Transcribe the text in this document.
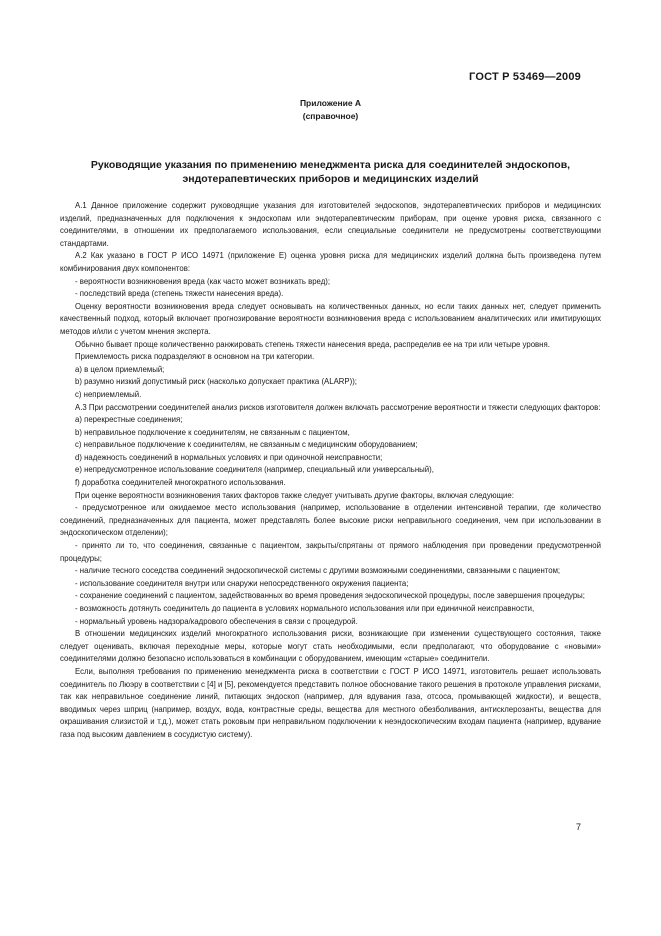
ГОСТ Р 53469—2009
Приложение А
(справочное)
Руководящие указания по применению менеджмента риска для соединителей эндоскопов,
эндотерапевтических приборов и медицинских изделий

А.1 Данное приложение содержит руководящие указания для изготовителей эндоскопов, эндотерапевтических приборов и медицинских изделий, предназначенных для подключения к эндоскопам или эндотерапевтическим приборам, при оценке уровня риска, связанного с соединителями, в отношении их предполагаемого использования, если специальные соединители не предусмотрены соответствующими стандартами.

А.2 Как указано в ГОСТ Р ИСО 14971 (приложение Е) оценка уровня риска для медицинских изделий должна быть произведена путем комбинирования двух компонентов:

- вероятности возникновения вреда (как часто может возникать вред);

- последствий вреда (степень тяжести нанесения вреда).

Оценку вероятности возникновения вреда следует основывать на количественных данных, но если таких данных нет, следует применить качественный подход, который включает прогнозирование вероятности возникновения вреда с использованием аналитических или имитирующих методов и/или с учетом мнения эксперта.

Обычно бывает проще количественно ранжировать степень тяжести нанесения вреда, распределив ее на три или четыре уровня.

Приемлемость риска подразделяют в основном на три категории.

a) в целом приемлемый;

b) разумно низкий допустимый риск (насколько допускает практика (ALARP));

c) неприемлемый.

А.3 При рассмотрении соединителей анализ рисков изготовителя должен включать рассмотрение вероятности и тяжести следующих факторов:

a) перекрестные соединения;

b) неправильное подключение к соединителям, не связанным с пациентом,

c) неправильное подключение к соединителям, не связанным с медицинским оборудованием;

d) надежность соединений в нормальных условиях и при одиночной неисправности;

e) непредусмотренное использование соединителя (например, специальный или универсальный),

f) доработка соединителей многократного использования.

При оценке вероятности возникновения таких факторов также следует учитывать другие факторы, включая следующие:

- предусмотренное или ожидаемое место использования (например, использование в отделении интенсивной терапии, где количество соединений, предназначенных для пациента, может представлять более высокие риски неправильного соединения, чем при использовании в эндоскопическом отделении);

- принято ли то, что соединения, связанные с пациентом, закрыты/спрятаны от прямого наблюдения при проведении предусмотренной процедуры;

- наличие тесного соседства соединений эндоскопической системы с другими возможными соединениями, связанными с пациентом;

- использование соединителя внутри или снаружи непосредственного окружения пациента;

- сохранение соединений с пациентом, задействованных во время проведения эндоскопической процедуры, после завершения процедуры;

- возможность дотянуть соединитель до пациента в условиях нормального использования или при единичной неисправности,

- нормальный уровень надзора/кадрового обеспечения в связи с процедурой.

В отношении медицинских изделий многократного использования риски, возникающие при изменении существующего состояния, также следует оценивать, включая переходные меры, которые могут стать необходимыми, если предполагают, что оборудование с «новыми» соединителями должно безопасно использоваться в комбинации с оборудованием, имеющим «старые» соединители.

Если, выполняя требования по применению менеджмента риска в соответствии с ГОСТ Р ИСО 14971, изготовитель решает использовать соединитель по Люэру в соответствии с [4] и [5], рекомендуется представить полное обоснование такого решения в протоколе управления рисками, так как неправильное соединение линий, питающих эндоскоп (например, для вдувания газа, отсоса, промывающей жидкости), и веществ, вводимых через шприц (например, воздух, вода, контрастные среды, вещества для местного обезболивания, антисклерозанты, вещества для окрашивания слизистой и т.д.), может стать роковым при неправильном подключении к неэндоскопическим входам пациента (например, вдувание газа под высоким давлением в сосудистую систему).

7
